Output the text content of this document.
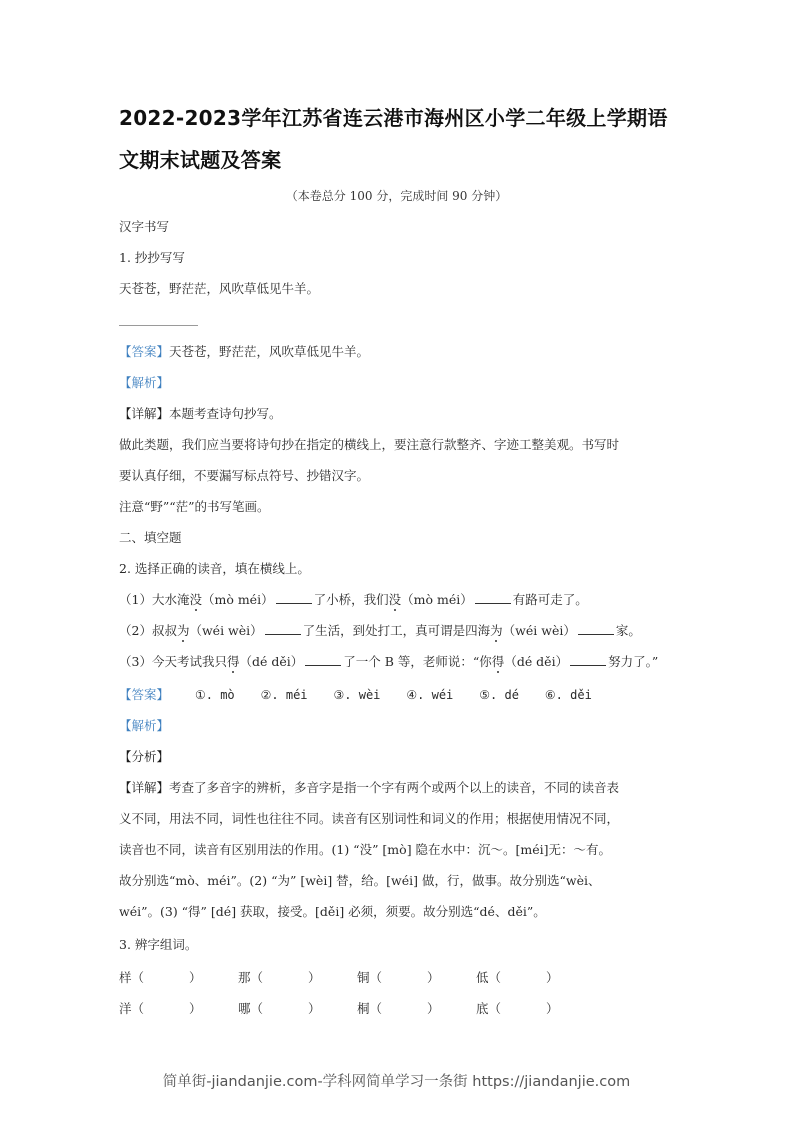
2022-2023学年江苏省连云港市海州区小学二年级上学期语
文期末试题及答案
（本卷总分 100 分，完成时间 90 分钟）
汉字书写
1. 抄抄写写
天苍苍，野茫茫，风吹草低见牛羊。
【答案】天苍苍，野茫茫，风吹草低见牛羊。
【解析】
【详解】本题考查诗句抄写。
做此类题，我们应当要将诗句抄在指定的横线上，要注意行款整齐、字迹工整美观。书写时
要认真仔细，不要漏写标点符号、抄错汉字。
注意“野”“茫”的书写笔画。
二、填空题
2. 选择正确的读音，填在横线上。
（1）大水淹没（mò méi）	了小桥，我们没（mò méi）	有路可走了。
（2）叔叔为（wéi wèi）	了生活，到处打工，真可谓是四海为（wéi wèi）	家。
（3）今天考试我只得（dé děi）	了一个 B 等，老师说：“你得（dé děi）	努力了。”
【答案】 ①. mò ②. méi ③. wèi ④. wéi ⑤. dé ⑥. děi
【解析】
【分析】
【详解】考查了多音字的辨析，多音字是指一个字有两个或两个以上的读音，不同的读音表
义不同，用法不同，词性也往往不同。读音有区别词性和词义的作用；根据使用情况不同，
读音也不同，读音有区别用法的作用。(1) “没” [mò] 隐在水中：沉～。[méi]无：～有。
故分别选“mò、méi”。(2) “为” [wèi] 替，给。[wéi] 做，行，做事。故分别选“wèi、
wéi”。(3) “得” [dé] 获取，接受。[děi] 必须，须要。故分别选“dé、děi”。
3. 辨字组词。
样（	）	那（	）	铜（	）	低（	）
洋（	）	哪（	）	桐（	）	底（	）
简单街-jiandanjie.com-学科网简单学习一条街 https://jiandanjie.com
